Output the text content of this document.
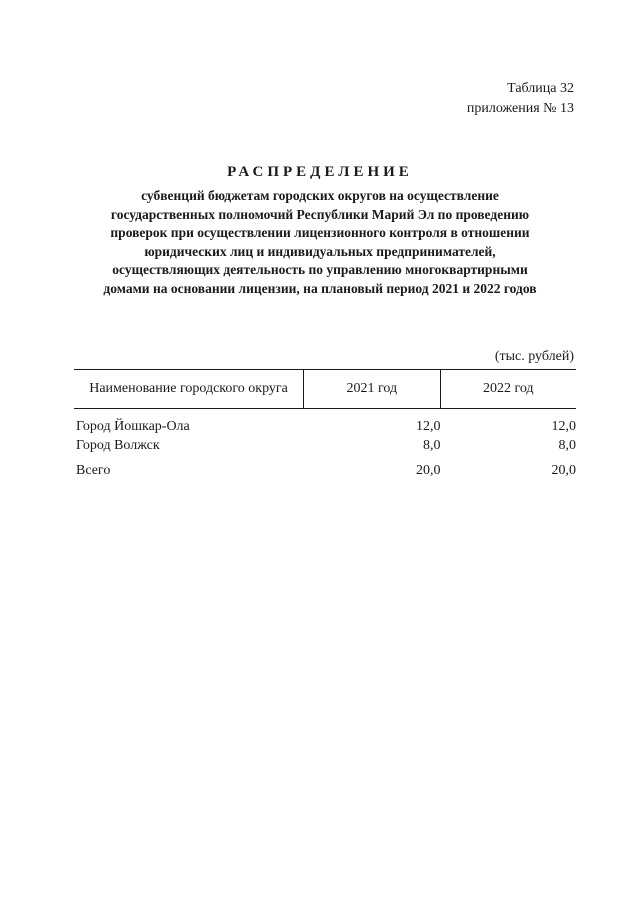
Таблица 32
приложения № 13
РАСПРЕДЕЛЕНИЕ
субвенций бюджетам городских округов на осуществление
государственных полномочий Республики Марий Эл по проведению
проверок при осуществлении лицензионного контроля в отношении
юридических лиц и индивидуальных предпринимателей,
осуществляющих деятельность по управлению многоквартирными
домами на основании лицензии, на плановый период 2021 и 2022 годов
(тыс. рублей)
Наименование городского округа	2021 год	2022 год
Город Йошкар-Ола	12,0	12,0
Город Волжск	8,0	8,0
Всего	20,0	20,0
